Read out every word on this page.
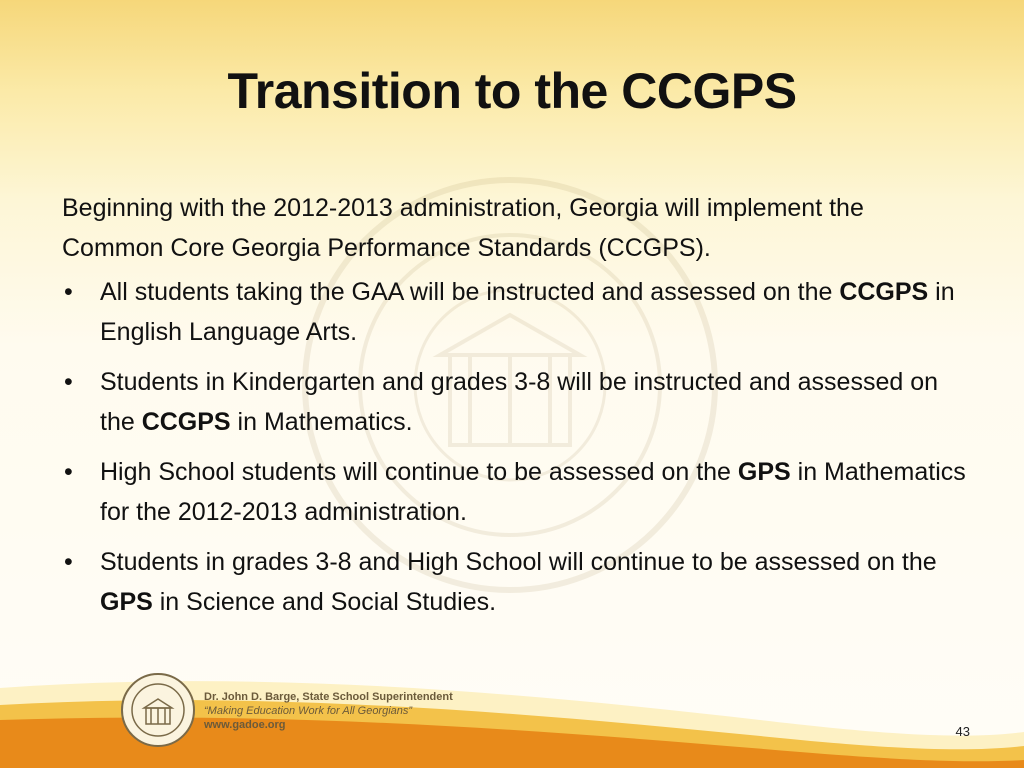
Transition to the CCGPS

Beginning with the 2012-2013 administration, Georgia will implement the Common Core Georgia Performance Standards (CCGPS).

• All students taking the GAA will be instructed and assessed on the CCGPS in English Language Arts.
• Students in Kindergarten and grades 3-8 will be instructed and assessed on the CCGPS in Mathematics.
• High School students will continue to be assessed on the GPS in Mathematics for the 2012-2013 administration.
• Students in grades 3-8 and High School will continue to be assessed on the GPS in Science and Social Studies.
Dr. John D. Barge, State School Superintendent
“Making Education Work for All Georgians”
www.gadoe.org	43
